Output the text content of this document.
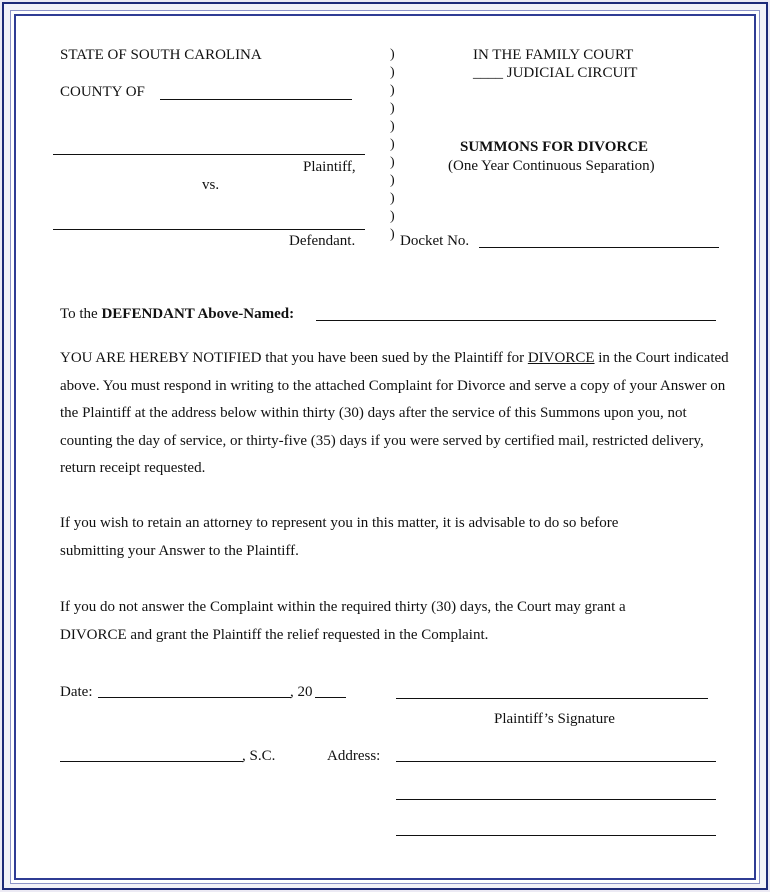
STATE OF SOUTH CAROLINA
COUNTY OF
Plaintiff,
vs.
Defendant.
)
)
)
)
)
)
)
)
)
)
)
IN THE FAMILY COURT
____ JUDICIAL CIRCUIT
SUMMONS FOR DIVORCE
(One Year Continuous Separation)
Docket No.
To the DEFENDANT Above-Named:

YOU ARE HEREBY NOTIFIED that you have been sued by the Plaintiff for DIVORCE in the Court indicated above. You must respond in writing to the attached Complaint for Divorce and serve a copy of your Answer on the Plaintiff at the address below within thirty (30) days after the service of this Summons upon you, not counting the day of service, or thirty-five (35) days if you were served by certified mail, restricted delivery, return receipt requested.

If you wish to retain an attorney to represent you in this matter, it is advisable to do so before submitting your Answer to the Plaintiff.

If you do not answer the Complaint within the required thirty (30) days, the Court may grant a DIVORCE and grant the Plaintiff the relief requested in the Complaint.

Date:	, 20
Plaintiff’s Signature
, S.C.	Address:
